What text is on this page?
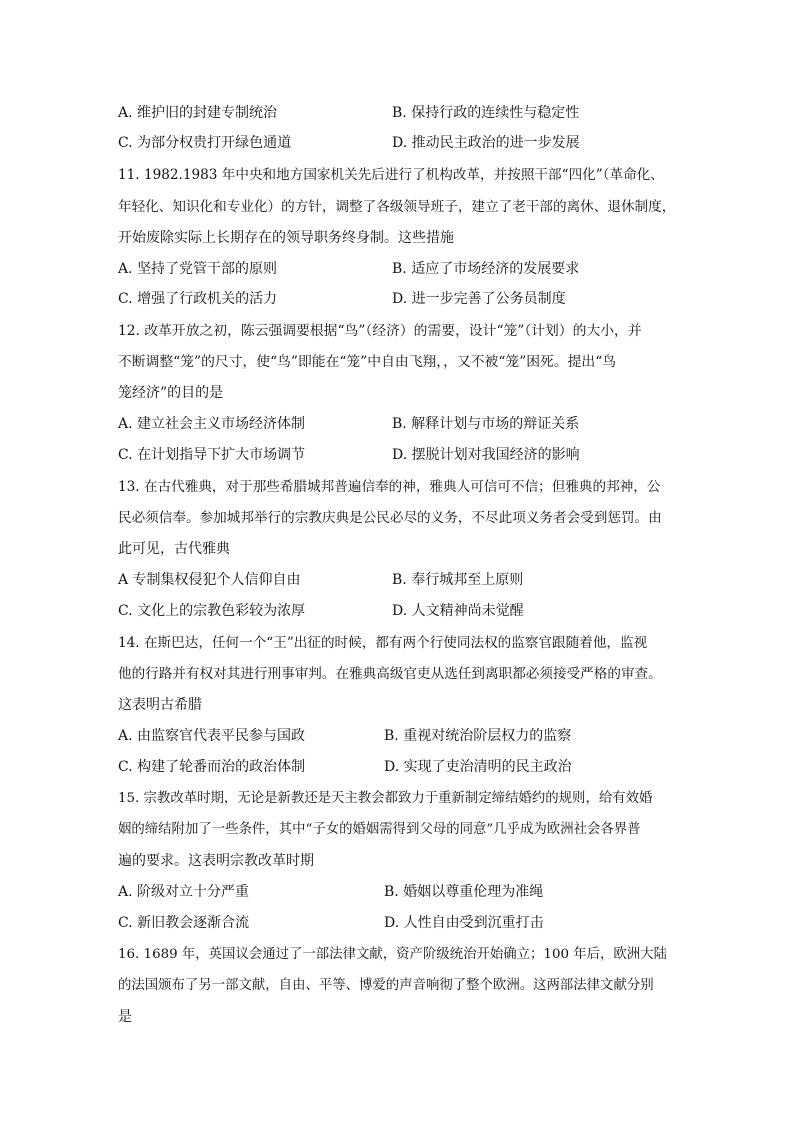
A. 维护旧的封建专制统治	B. 保持行政的连续性与稳定性
C. 为部分权贵打开绿色通道	D. 推动民主政治的进一步发展
11. 1982.1983 年中央和地方国家机关先后进行了机构改革，并按照干部“四化”（革命化、
年轻化、知识化和专业化）的方针，调整了各级领导班子，建立了老干部的离休、退休制度，
开始废除实际上长期存在的领导职务终身制。这些措施
A. 坚持了党管干部的原则	B. 适应了市场经济的发展要求
C. 增强了行政机关的活力	D. 进一步完善了公务员制度
12. 改革开放之初，陈云强调要根据“鸟”（经济）的需要，设计“笼”（计划）的大小，并
不断调整“笼”的尺寸，使“鸟”即能在“笼”中自由飞翔，，又不被“笼”困死。提出“鸟
笼经济”的目的是
A. 建立社会主义市场经济体制	B. 解释计划与市场的辩证关系
C. 在计划指导下扩大市场调节	D. 摆脱计划对我国经济的影响
13. 在古代雅典，对于那些希腊城邦普遍信奉的神，雅典人可信可不信；但雅典的邦神，公
民必须信奉。参加城邦举行的宗教庆典是公民必尽的义务，不尽此项义务者会受到惩罚。由
此可见，古代雅典
A 专制集权侵犯个人信仰自由	B. 奉行城邦至上原则
C. 文化上的宗教色彩较为浓厚	D. 人文精神尚未觉醒
14. 在斯巴达，任何一个“王”出征的时候，都有两个行使同法权的监察官跟随着他，监视
他的行路并有权对其进行刑事审判。在雅典高级官吏从选任到离职都必须接受严格的审查。
这表明古希腊
A. 由监察官代表平民参与国政	B. 重视对统治阶层权力的监察
C. 构建了轮番而治的政治体制	D. 实现了吏治清明的民主政治
15. 宗教改革时期，无论是新教还是天主教会都致力于重新制定缔结婚约的规则，给有效婚
姻的缔结附加了一些条件，其中“子女的婚姻需得到父母的同意”几乎成为欧洲社会各界普
遍的要求。这表明宗教改革时期
A. 阶级对立十分严重	B. 婚姻以尊重伦理为准绳
C. 新旧教会逐渐合流	D. 人性自由受到沉重打击
16. 1689 年，英国议会通过了一部法律文献，资产阶级统治开始确立；100 年后，欧洲大陆
的法国颁布了另一部文献，自由、平等、博爱的声音响彻了整个欧洲。这两部法律文献分别
是
